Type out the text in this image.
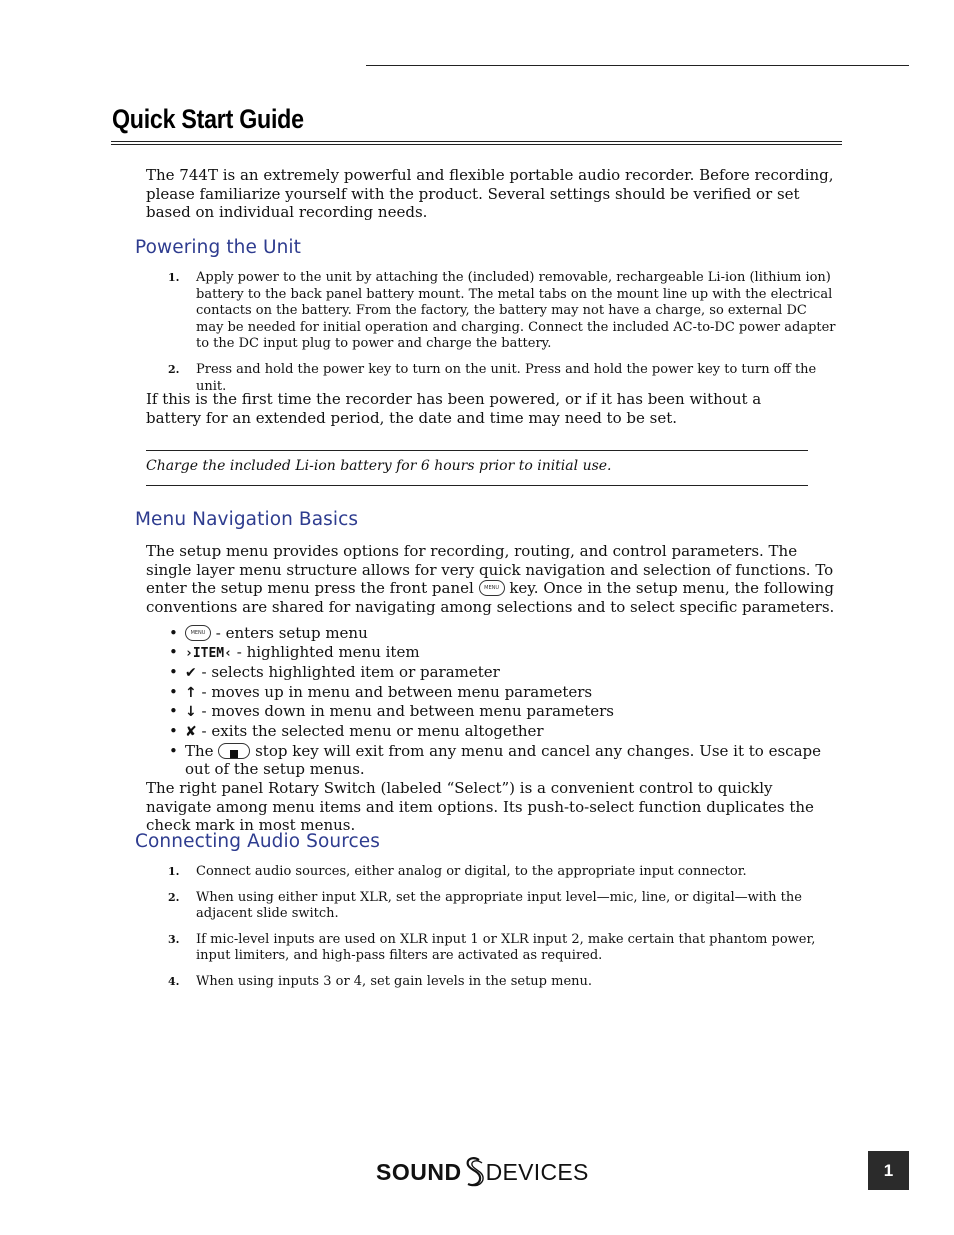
Quick Start Guide

The 744T is an extremely powerful and flexible portable audio recorder. Before recording, please familiarize yourself with the product. Several settings should be verified or set based on individual recording needs.

Powering the Unit
1. Apply power to the unit by attaching the (included) removable, rechargeable Li-ion (lithium ion) battery to the back panel battery mount. The metal tabs on the mount line up with the electrical contacts on the battery. From the factory, the battery may not have a charge, so external DC may be needed for initial operation and charging. Connect the included AC-to-DC power adapter to the DC input plug to power and charge the battery.
2. Press and hold the power key to turn on the unit. Press and hold the power key to turn off the unit.

If this is the first time the recorder has been powered, or if it has been without a battery for an extended period, the date and time may need to be set.

Charge the included Li-ion battery for 6 hours prior to initial use.

Menu Navigation Basics

The setup menu provides options for recording, routing, and control parameters. The single layer menu structure allows for very quick navigation and selection of functions. To enter the setup menu press the front panel MENU key. Once in the setup menu, the following conventions are shared for navigating among selections and to select specific parameters.

•	MENU - enters setup menu
• ›ITEM‹ - highlighted menu item
• ✔ - selects highlighted item or parameter
• ↑ - moves up in menu and between menu parameters
• ↓ - moves down in menu and between menu parameters
• ✘ - exits the selected menu or menu altogether
• The	stop key will exit from any menu and cancel any changes. Use it to escape out of the setup menus.

The right panel Rotary Switch (labeled “Select”) is a convenient control to quickly navigate among menu items and item options. Its push-to-select function duplicates the check mark in most menus.

Connecting Audio Sources
1. Connect audio sources, either analog or digital, to the appropriate input connector.
2. When using either input XLR, set the appropriate input level—mic, line, or digital—with the adjacent slide switch.
3. If mic-level inputs are used on XLR input 1 or XLR input 2, make certain that phantom power, input limiters, and high-pass filters are activated as required.
4. When using inputs 3 or 4, set gain levels in the setup menu.
SOUND DEVICES	1
